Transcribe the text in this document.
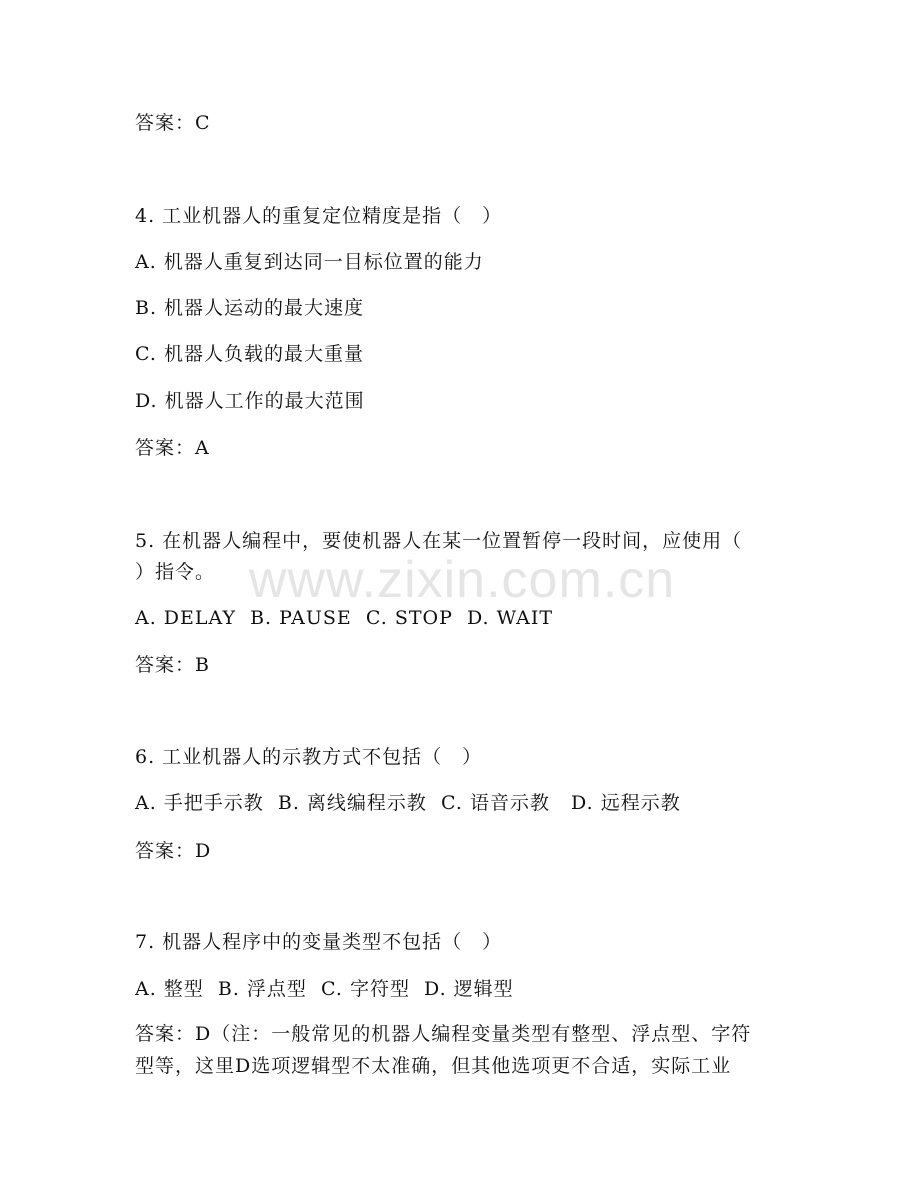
答案：C

4. 工业机器人的重复定位精度是指（　）

A. 机器人重复到达同一目标位置的能力

B. 机器人运动的最大速度

C. 机器人负载的最大重量

D. 机器人工作的最大范围

答案：A

5. 在机器人编程中，要使机器人在某一位置暂停一段时间，应使用（

）指令。

A. DELAY  B. PAUSE  C. STOP  D. WAIT

答案：B

6. 工业机器人的示教方式不包括（　）

A. 手把手示教  B. 离线编程示教  C. 语音示教   D. 远程示教

答案：D

7. 机器人程序中的变量类型不包括（　）

A. 整型  B. 浮点型  C. 字符型  D. 逻辑型

答案：D（注：一般常见的机器人编程变量类型有整型、浮点型、字符

型等，这里D选项逻辑型不太准确，但其他选项更不合适，实际工业

www.zixin.com.cn
